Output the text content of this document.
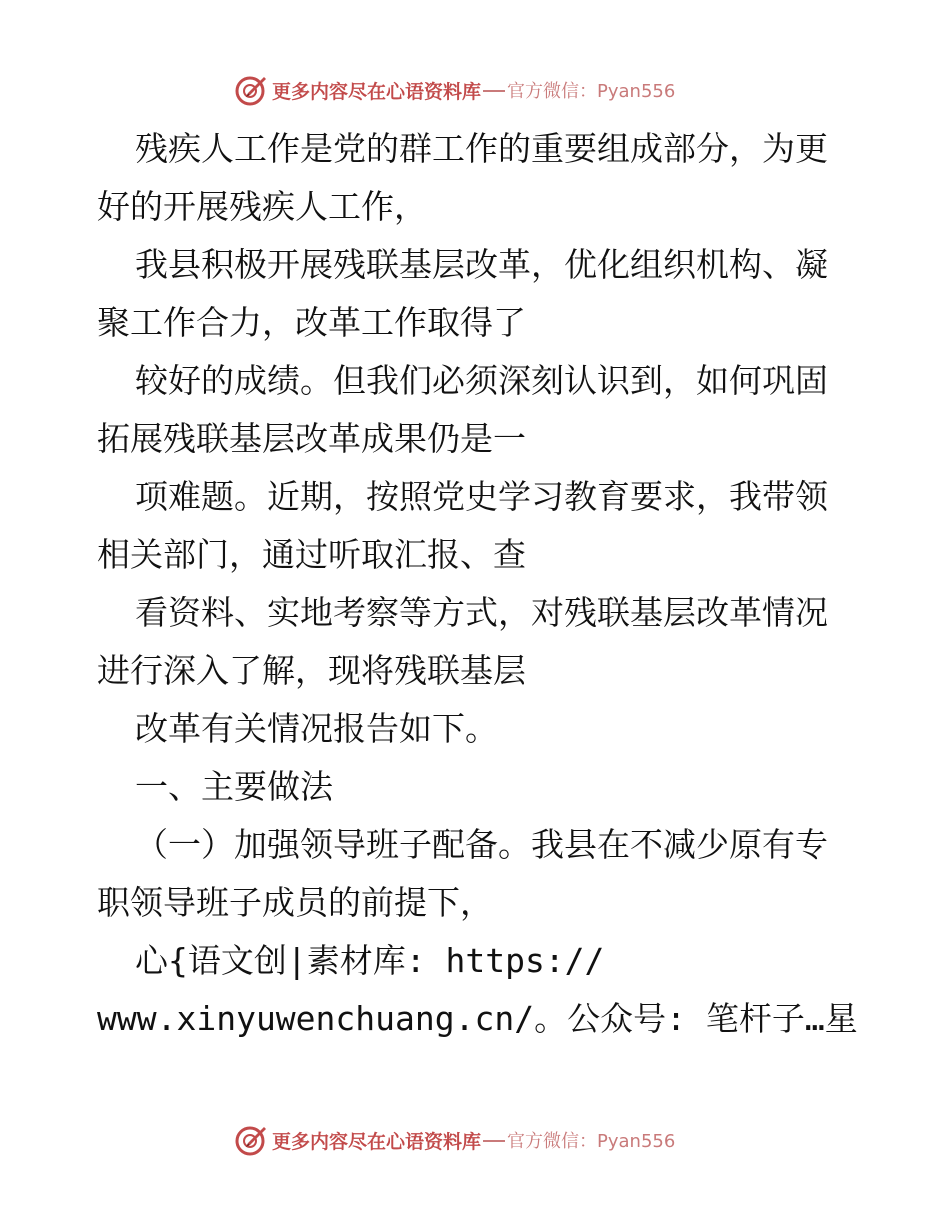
更多内容尽在心语资料库 官方微信：Pyan556
残疾人工作是党的群工作的重要组成部分，为更
好的开展残疾人工作，
我县积极开展残联基层改革，优化组织机构、凝
聚工作合力，改革工作取得了
较好的成绩。但我们必须深刻认识到，如何巩固
拓展残联基层改革成果仍是一
项难题。近期，按照党史学习教育要求，我带领
相关部门，通过听取汇报、查
看资料、实地考察等方式，对残联基层改革情况
进行深入了解，现将残联基层
改革有关情况报告如下。
一、主要做法
（一）加强领导班子配备。我县在不减少原有专
职领导班子成员的前提下，
心{语文创|素材库: https://
www.xinyuwenchuang.cn/。公众号: 笔杆子…星
更多内容尽在心语资料库 官方微信：Pyan556
